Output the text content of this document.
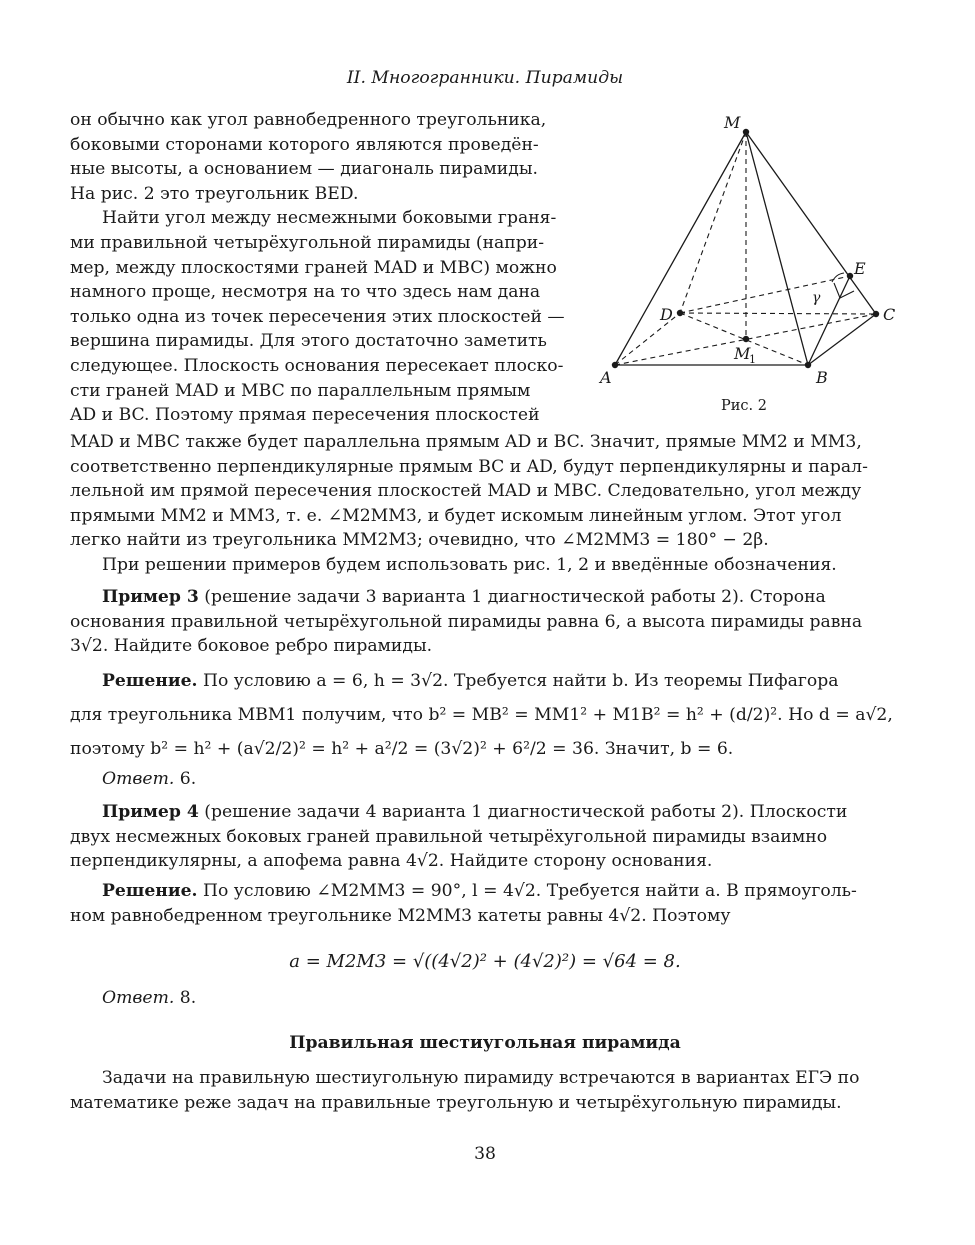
II. Многогранники. Пирамиды
он обычно как угол равнобедренного треугольника,
боковыми сторонами которого являются проведён-
ные высоты, а основанием — диагональ пирамиды.
На рис. 2 это треугольник BED.
Найти угол между несмежными боковыми граня-
ми правильной четырёхугольной пирамиды (напри-
мер, между плоскостями граней MAD и MBC) можно
намного проще, несмотря на то что здесь нам дана
только одна из точек пересечения этих плоскостей —
вершина пирамиды. Для этого достаточно заметить
следующее. Плоскость основания пересекает плоско-
сти граней MAD и MBC по параллельным прямым
AD и BC. Поэтому прямая пересечения плоскостей
M
E
γ
D	C
M
1
A	B
Рис. 2
MAD и MBC также будет параллельна прямым AD и BC. Значит, прямые MM2 и MM3,
соответственно перпендикулярные прямым BC и AD, будут перпендикулярны и парал-
лельной им прямой пересечения плоскостей MAD и MBC. Следовательно, угол между
прямыми MM2 и MM3, т. е. ∠M2MM3, и будет искомым линейным углом. Этот угол
легко найти из треугольника MM2M3; очевидно, что ∠M2MM3 = 180° − 2β.
При решении примеров будем использовать рис. 1, 2 и введённые обозначения.
Пример 3 (решение задачи 3 варианта 1 диагностической работы 2). Сторона
основания правильной четырёхугольной пирамиды равна 6, а высота пирамиды равна
3√2. Найдите боковое ребро пирамиды.
Решение. По условию a = 6, h = 3√2. Требуется найти b. Из теоремы Пифагора
для треугольника MBM1 получим, что b² = MB² = MM1² + M1B² = h² + (d/2)². Но d = a√2,
поэтому b² = h² + (a√2/2)² = h² + a²/2 = (3√2)² + 6²/2 = 36. Значит, b = 6.
Ответ. 6.
Пример 4 (решение задачи 4 варианта 1 диагностической работы 2). Плоскости
двух несмежных боковых граней правильной четырёхугольной пирамиды взаимно
перпендикулярны, а апофема равна 4√2. Найдите сторону основания.
Решение. По условию ∠M2MM3 = 90°, l = 4√2. Требуется найти a. В прямоуголь-
ном равнобедренном треугольнике M2MM3 катеты равны 4√2. Поэтому
a = M2M3 = √((4√2)² + (4√2)²) = √64 = 8.
Ответ. 8.
Правильная шестиугольная пирамида
Задачи на правильную шестиугольную пирамиду встречаются в вариантах ЕГЭ по
математике реже задач на правильные треугольную и четырёхугольную пирамиды.
38
